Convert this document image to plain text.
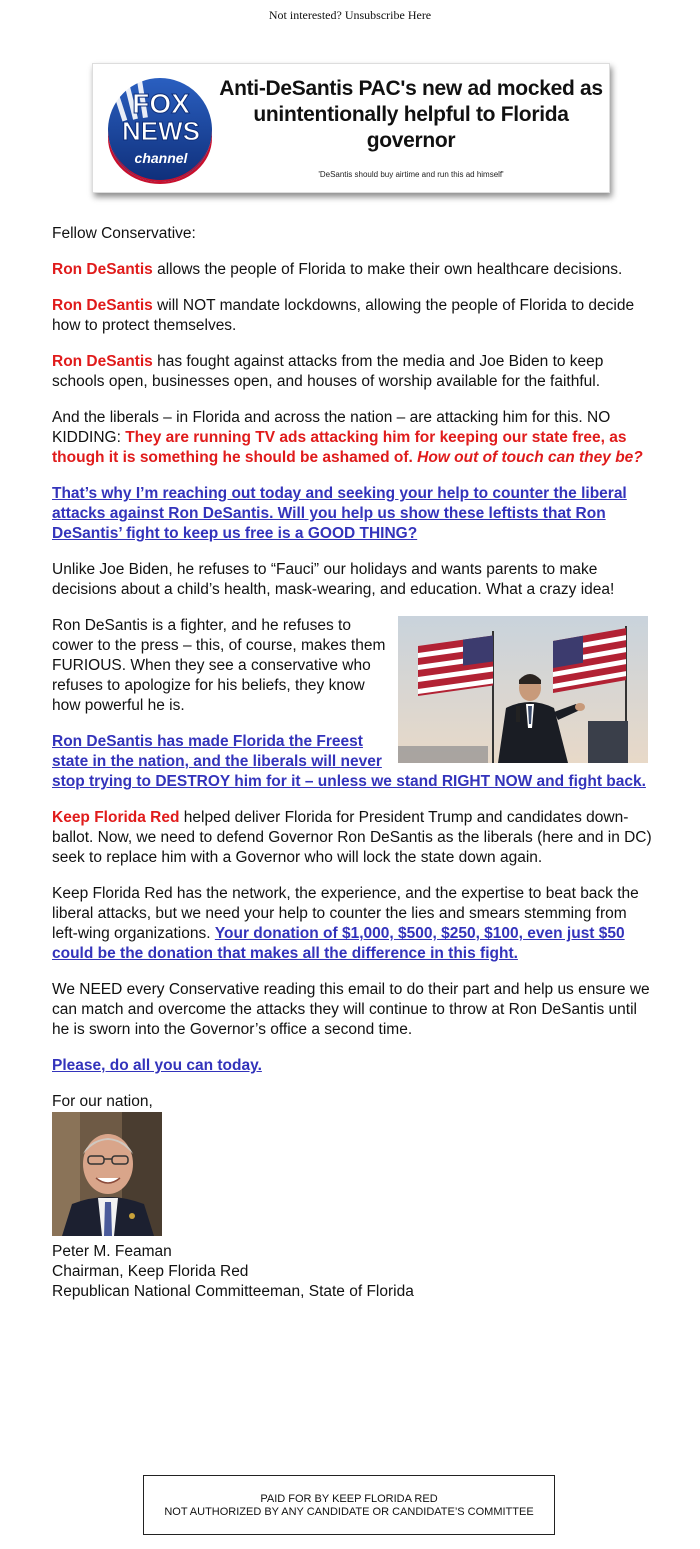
Not interested? Unsubscribe Here
FOX
NEWS
channel
Anti-DeSantis PAC's new ad mocked as unintentionally helpful to Florida governor
'DeSantis should buy airtime and run this ad himself'

Fellow Conservative:

Ron DeSantis allows the people of Florida to make their own healthcare decisions.

Ron DeSantis will NOT mandate lockdowns, allowing the people of Florida to decide how to protect themselves.

Ron DeSantis has fought against attacks from the media and Joe Biden to keep schools open, businesses open, and houses of worship available for the faithful.

And the liberals – in Florida and across the nation – are attacking him for this. NO KIDDING: They are running TV ads attacking him for keeping our state free, as though it is something he should be ashamed of. How out of touch can they be?

That’s why I’m reaching out today and seeking your help to counter the liberal attacks against Ron DeSantis. Will you help us show these leftists that Ron DeSantis’ fight to keep us free is a GOOD THING?

Unlike Joe Biden, he refuses to “Fauci” our holidays and wants parents to make decisions about a child’s health, mask-wearing, and education. What a crazy idea!

Ron DeSantis is a fighter, and he refuses to cower to the press – this, of course, makes them FURIOUS. When they see a conservative who refuses to apologize for his beliefs, they know how powerful he is.

Ron DeSantis has made Florida the Freest state in the nation, and the liberals will never stop trying to DESTROY him for it – unless we stand RIGHT NOW and fight back.

Keep Florida Red helped deliver Florida for President Trump and candidates down-ballot. Now, we need to defend Governor Ron DeSantis as the liberals (here and in DC) seek to replace him with a Governor who will lock the state down again.

Keep Florida Red has the network, the experience, and the expertise to beat back the liberal attacks, but we need your help to counter the lies and smears stemming from left-wing organizations. Your donation of $1,000, $500, $250, $100, even just $50 could be the donation that makes all the difference in this fight.

We NEED every Conservative reading this email to do their part and help us ensure we can match and overcome the attacks they will continue to throw at Ron DeSantis until he is sworn into the Governor’s office a second time.

Please, do all you can today.

For our nation,
Peter M. Feaman
Chairman, Keep Florida Red
Republican National Committeeman, State of Florida
PAID FOR BY KEEP FLORIDA RED
NOT AUTHORIZED BY ANY CANDIDATE OR CANDIDATE’S COMMITTEE
